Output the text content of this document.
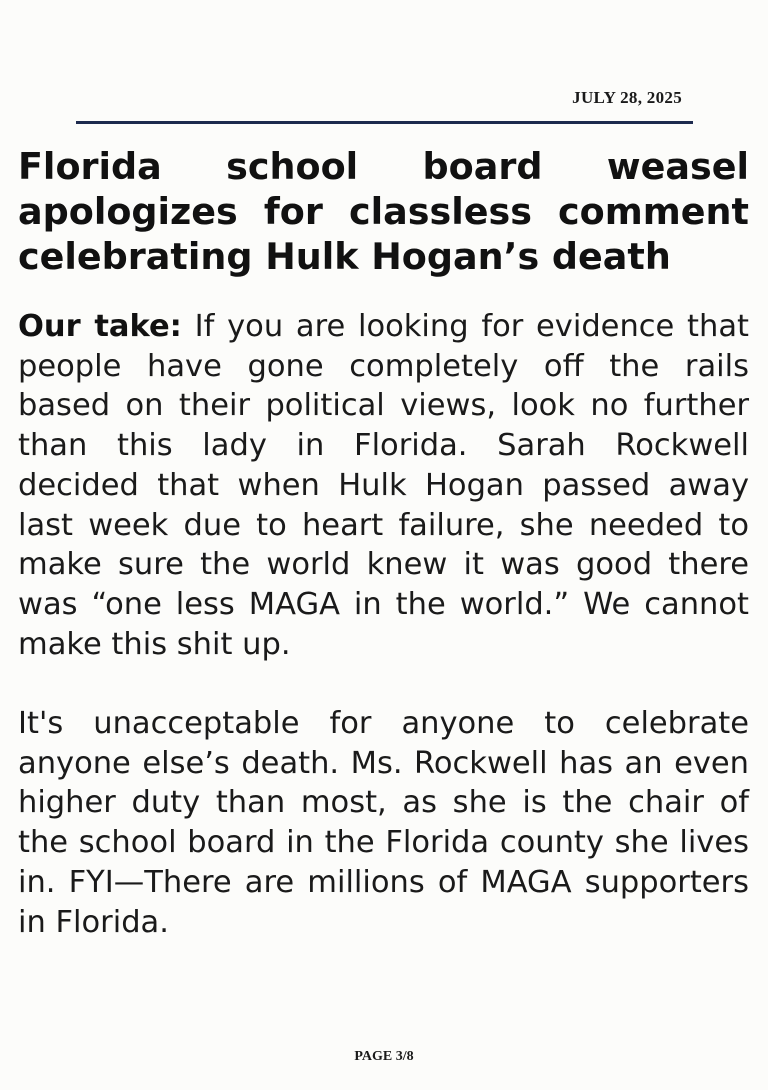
JULY 28, 2025
Florida school board weasel apologizes for classless comment celebrating Hulk Hogan’s death

Our take: If you are looking for evidence that people have gone completely off the rails based on their political views, look no further than this lady in Florida. Sarah Rockwell decided that when Hulk Hogan passed away last week due to heart failure, she needed to make sure the world knew it was good there was “one less MAGA in the world.” We cannot make this shit up.

It's unacceptable for anyone to celebrate anyone else’s death. Ms. Rockwell has an even higher duty than most, as she is the chair of the school board in the Florida county she lives in. FYI—There are millions of MAGA supporters in Florida.

PAGE 3/8
